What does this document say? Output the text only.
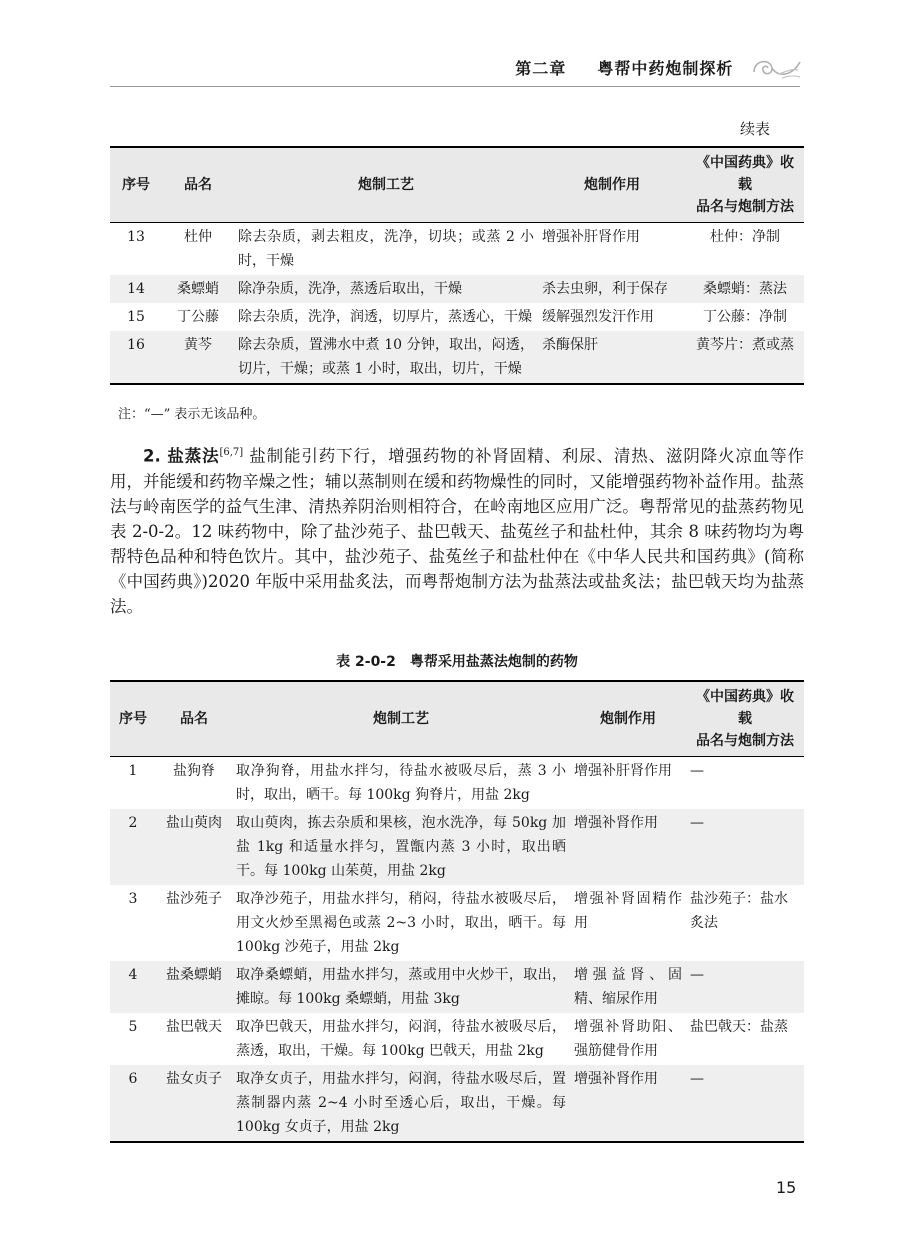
第二章 粤帮中药炮制探析
续表
序号	品名	炮制工艺	炮制作用	《中国药典》收载
品名与炮制方法
13	杜仲	除去杂质，剥去粗皮，洗净，切块；或蒸 2 小时，干燥	增强补肝肾作用	杜仲：净制
14	桑螵蛸	除净杂质，洗净，蒸透后取出，干燥	杀去虫卵，利于保存	桑螵蛸：蒸法
15	丁公藤	除去杂质，洗净，润透，切厚片，蒸透心，干燥	缓解强烈发汗作用	丁公藤：净制
16	黄芩	除去杂质，置沸水中煮 10 分钟，取出，闷透，切片，干燥；或蒸 1 小时，取出，切片，干燥	杀酶保肝	黄芩片：煮或蒸
注：“—” 表示无该品种。
2. 盐蒸法[6,7] 盐制能引药下行，增强药物的补肾固精、利尿、清热、滋阴降火凉血等作用，并能缓和药物辛燥之性；辅以蒸制则在缓和药物燥性的同时，又能增强药物补益作用。盐蒸法与岭南医学的益气生津、清热养阴治则相符合，在岭南地区应用广泛。粤帮常见的盐蒸药物见表 2-0-2。12 味药物中，除了盐沙苑子、盐巴戟天、盐菟丝子和盐杜仲，其余 8 味药物均为粤帮特色品种和特色饮片。其中，盐沙苑子、盐菟丝子和盐杜仲在《中华人民共和国药典》(简称《中国药典》)2020 年版中采用盐炙法，而粤帮炮制方法为盐蒸法或盐炙法；盐巴戟天均为盐蒸法。
表 2-0-2　粤帮采用盐蒸法炮制的药物
序号	品名	炮制工艺	炮制作用	《中国药典》收载
品名与炮制方法
1	盐狗脊	取净狗脊，用盐水拌匀，待盐水被吸尽后，蒸 3 小时，取出，晒干。每 100kg 狗脊片，用盐 2kg	增强补肝肾作用	—
2	盐山萸肉	取山萸肉，拣去杂质和果核，泡水洗净，每 50kg 加盐 1kg 和适量水拌匀，置甑内蒸 3 小时，取出晒干。每 100kg 山茱萸，用盐 2kg	增强补肾作用	—
3	盐沙苑子	取净沙苑子，用盐水拌匀，稍闷，待盐水被吸尽后，用文火炒至黑褐色或蒸 2~3 小时，取出，晒干。每 100kg 沙苑子，用盐 2kg	增强补肾固精作用	盐沙苑子：盐水炙法
4	盐桑螵蛸	取净桑螵蛸，用盐水拌匀，蒸或用中火炒干，取出，摊晾。每 100kg 桑螵蛸，用盐 3kg	增强益肾、固精、缩尿作用	—
5	盐巴戟天	取净巴戟天，用盐水拌匀，闷润，待盐水被吸尽后，蒸透，取出，干燥。每 100kg 巴戟天，用盐 2kg	增强补肾助阳、强筋健骨作用	盐巴戟天：盐蒸
6	盐女贞子	取净女贞子，用盐水拌匀，闷润，待盐水吸尽后，置蒸制器内蒸 2~4 小时至透心后，取出，干燥。每 100kg 女贞子，用盐 2kg	增强补肾作用	—
15
